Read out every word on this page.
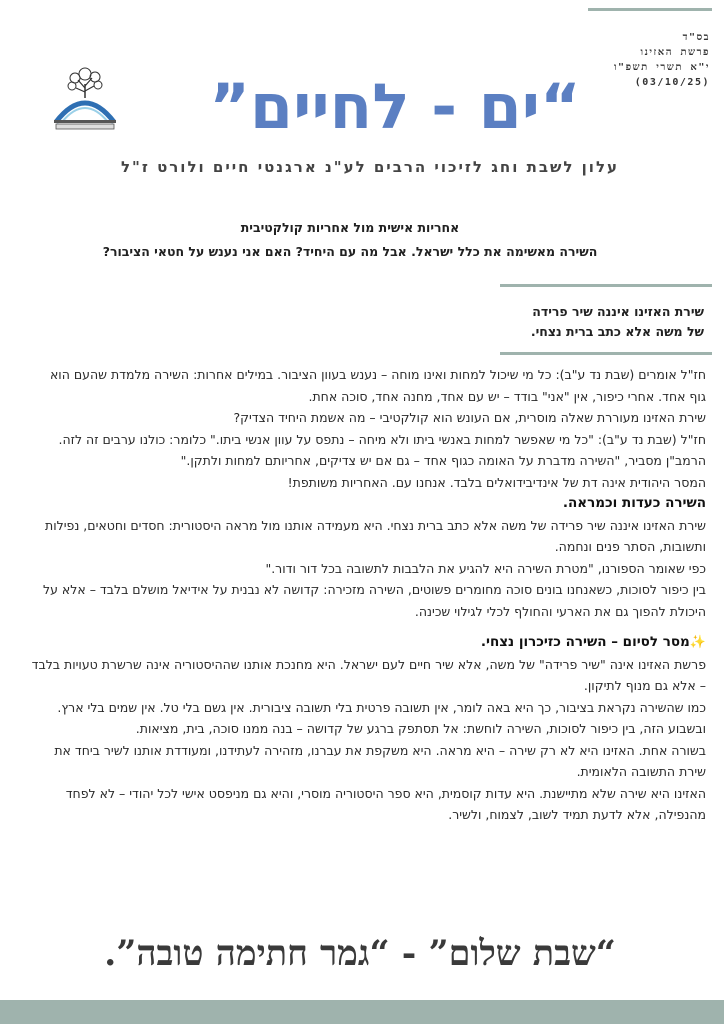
בס"ד
פרשת האזינו
י"א תשרי תשפ"ו
(03/10/25)
“ים - לחיים”
עלון לשבת וחג לזיכוי הרבים לע"נ ארגנטי חיים ולורט ז"ל
אחריות אישית מול אחריות קולקטיבית
השירה מאשימה את כלל ישראל. אבל מה עם היחיד? האם אני נענש על חטאי הציבור?
שירת האזינו איננה שיר פרידה
של משה אלא כתב ברית נצחי.

חז"ל אומרים (שבת נד ע"ב): כל מי שיכול למחות ואינו מוחה – נענש בעוון הציבור. במילים אחרות: השירה מלמדת שהעם הוא גוף אחד. אחרי כיפור, אין "אני" בודד – יש עם אחד, מחנה אחד, סוכה אחת.

שירת האזינו מעוררת שאלה מוסרית, אם העונש הוא קולקטיבי – מה אשמת היחיד הצדיק?

חז"ל (שבת נד ע"ב): "כל מי שאפשר למחות באנשי ביתו ולא מיחה – נתפס על עוון אנשי ביתו." כלומר: כולנו ערבים זה לזה.

הרמב"ן מסביר, "השירה מדברת על האומה כגוף אחד – גם אם יש צדיקים, אחריותם למחות ולתקן."

המסר היהודית אינה דת של אינדיבידואלים בלבד. אנחנו עם. האחריות משותפת!

השירה כעדות וכמראה.

שירת האזינו איננה שיר פרידה של משה אלא כתב ברית נצחי. היא מעמידה אותנו מול מראה היסטורית: חסדים וחטאים, נפילות ותשובות, הסתר פנים ונחמה.

כפי שאומר הספורנו, "מטרת השירה היא להגיע את הלבבות לתשובה בכל דור ודור."

בין כיפור לסוכות, כשאנחנו בונים סוכה מחומרים פשוטים, השירה מזכירה: קדושה לא נבנית על אידיאל מושלם בלבד – אלא על היכולת להפוך גם את הארעי והחולף לכלי לגילוי שכינה.

✨מסר לסיום – השירה כזיכרון נצחי.

פרשת האזינו אינה "שיר פרידה" של משה, אלא שיר חיים לעם ישראל. היא מחנכת אותנו שההיסטוריה אינה שרשרת טעויות בלבד – אלא גם מנוף לתיקון.

כמו שהשירה נקראת בציבור, כך היא באה לומר, אין תשובה פרטית בלי תשובה ציבורית. אין גשם בלי טל. אין שמים בלי ארץ.

ובשבוע הזה, בין כיפור לסוכות, השירה לוחשת: אל תסתפק ברגע של קדושה – בנה ממנו סוכה, בית, מציאות.

בשורה אחת. האזינו היא לא רק שירה – היא מראה. היא משקפת את עברנו, מזהירה לעתידנו, ומעודדת אותנו לשיר ביחד את שירת התשובה הלאומית.

האזינו היא שירה שלא מתיישנת. היא עדות קוסמית, היא ספר היסטוריה מוסרי, והיא גם מניפסט אישי לכל יהודי – לא לפחד מהנפילה, אלא לדעת תמיד לשוב, לצמוח, ולשיר.

“שבת שלום” - “גמר חתימה טובה”.
